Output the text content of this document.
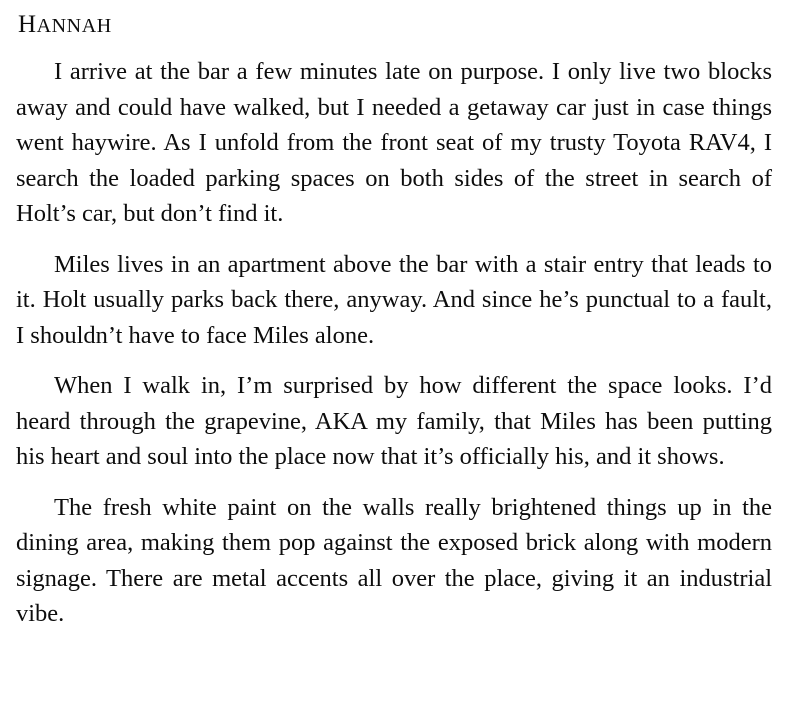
HANNAH

I arrive at the bar a few minutes late on purpose. I only live two blocks away and could have walked, but I needed a getaway car just in case things went haywire. As I unfold from the front seat of my trusty Toyota RAV4, I search the loaded parking spaces on both sides of the street in search of Holt’s car, but don’t find it.

Miles lives in an apartment above the bar with a stair entry that leads to it. Holt usually parks back there, anyway. And since he’s punctual to a fault, I shouldn’t have to face Miles alone.

When I walk in, I’m surprised by how different the space looks. I’d heard through the grapevine, AKA my family, that Miles has been putting his heart and soul into the place now that it’s officially his, and it shows.

The fresh white paint on the walls really brightened things up in the dining area, making them pop against the exposed brick along with modern signage. There are metal accents all over the place, giving it an industrial vibe.
